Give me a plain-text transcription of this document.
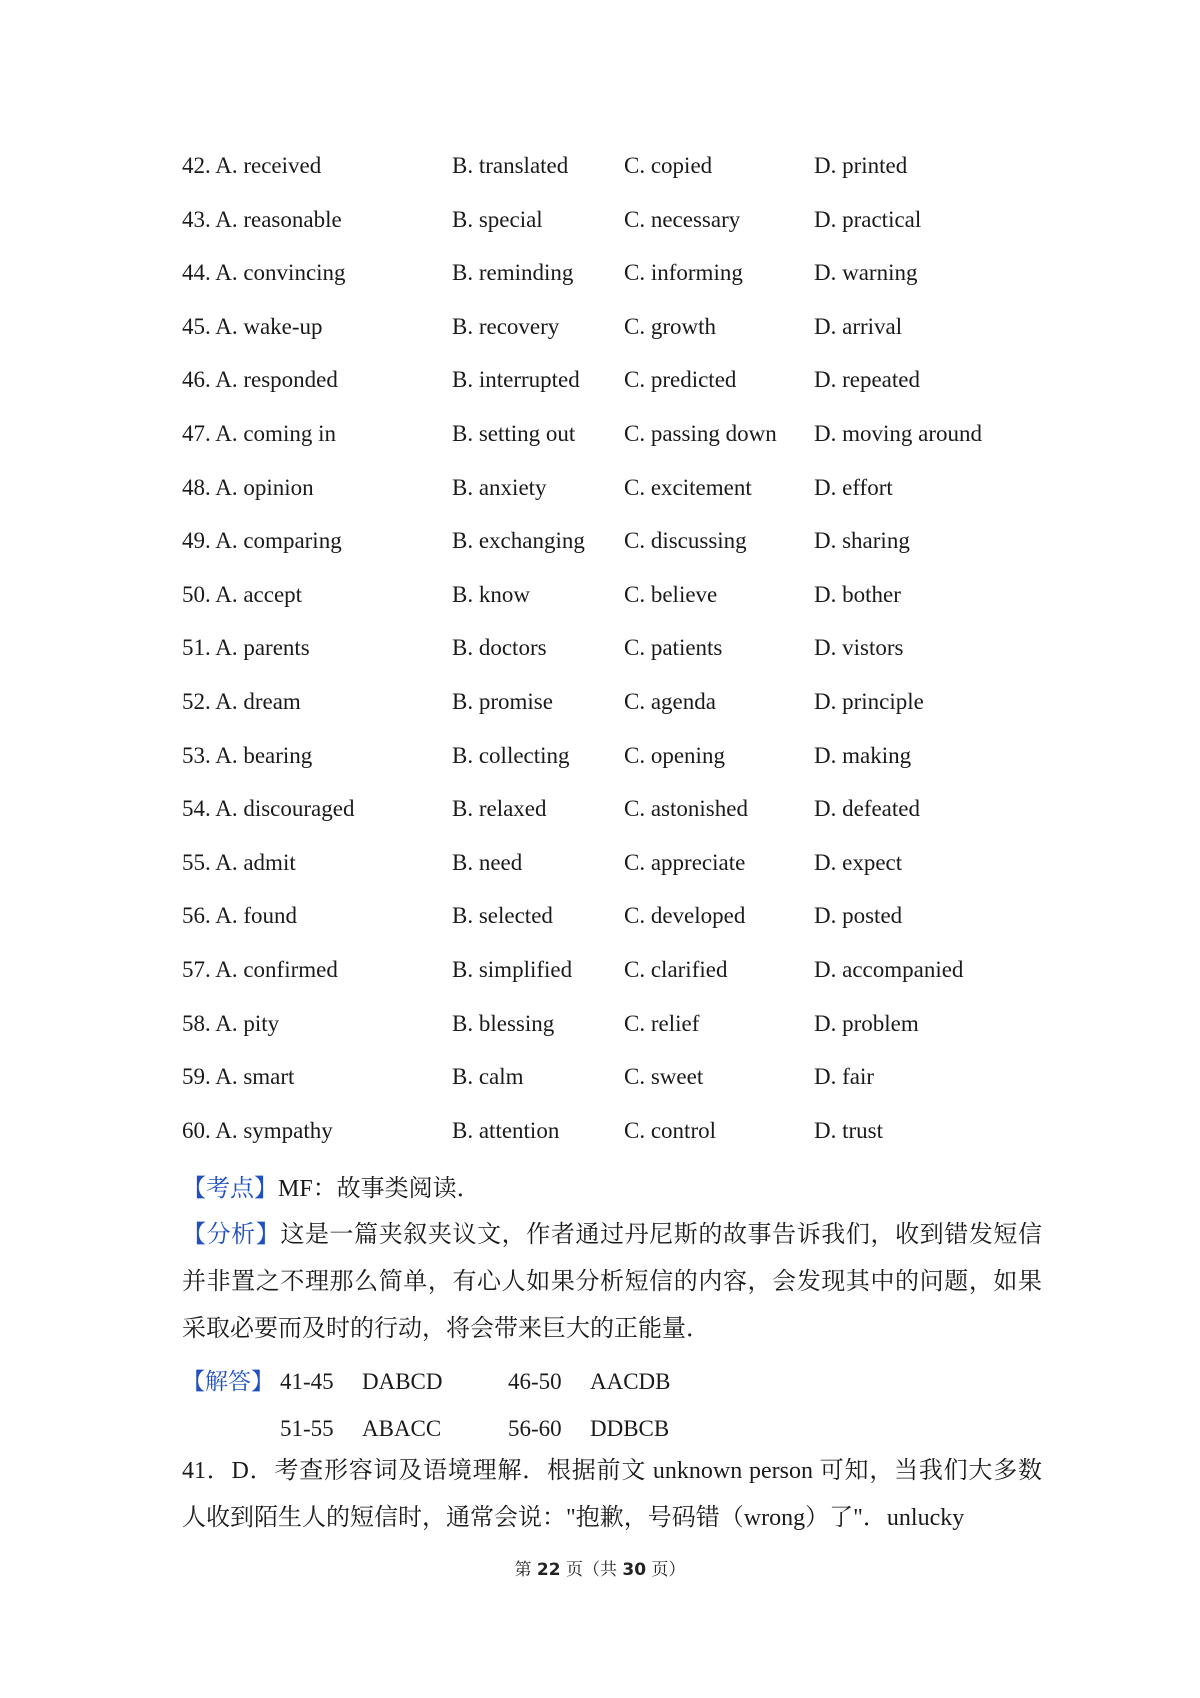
42. A. received	B. translated C. copied	D. printed
43. A. reasonable	B. special	C. necessary	D. practical
44. A. convincing	B. reminding C. informing	D. warning
45. A. wake-up	B. recovery	C. growth	D. arrival
46. A. responded	B. interrupted C. predicted	D. repeated
47. A. coming in	B. setting out C. passing down D. moving around
48. A. opinion	B. anxiety	C. excitement	D. effort
49. A. comparing	B. exchanging C. discussing	D. sharing
50. A. accept	B. know	C. believe	D. bother
51. A. parents	B. doctors	C. patients	D. vistors
52. A. dream	B. promise	C. agenda	D. principle
53. A. bearing	B. collecting C. opening	D. making
54. A. discouraged	B. relaxed	C. astonished	D. defeated
55. A. admit	B. need	C. appreciate	D. expect
56. A. found	B. selected	C. developed	D. posted
57. A. confirmed	B. simplified C. clarified	D. accompanied
58. A. pity	B. blessing	C. relief	D. problem
59. A. smart	B. calm	C. sweet	D. fair
60. A. sympathy	B. attention	C. control	D. trust
【考点】MF：故事类阅读．
【分析】这是一篇夹叙夹议文，作者通过丹尼斯的故事告诉我们，收到错发短信并非置之不理那么简单，有心人如果分析短信的内容，会发现其中的问题，如果采取必要而及时的行动，将会带来巨大的正能量．
【解答】 41-45 DABCD	46-50 AACDB
51-55 ABACC	56-60 DDBCB
41．D．考查形容词及语境理解．根据前文 unknown person 可知，当我们大多数人收到陌生人的短信时，通常会说："抱歉，号码错（wrong）了"．unlucky
第 22 页（共 30 页）
